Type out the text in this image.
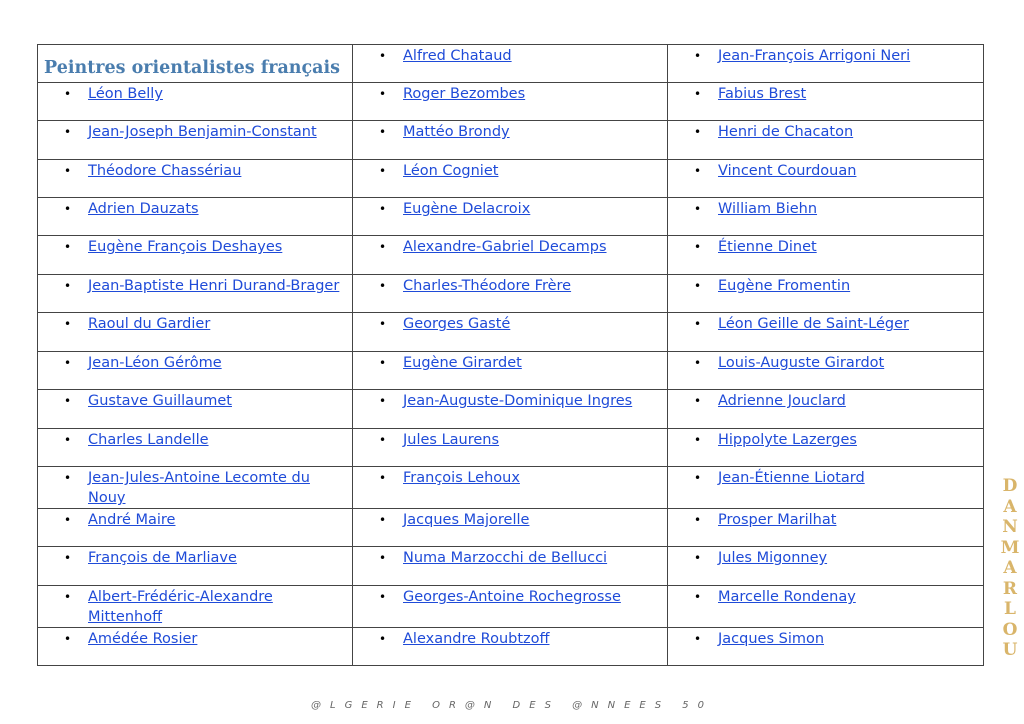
Peintres orientalistes français	• Alfred Chataud	• Jean-François Arrigoni Neri

• Léon Belly	• Roger Bezombes	• Fabius Brest

• Jean-Joseph Benjamin-Constant	• Mattéo Brondy	• Henri de Chacaton

• Théodore Chassériau	• Léon Cogniet	• Vincent Courdouan

• Adrien Dauzats	• Eugène Delacroix	• William Biehn

• Eugène François Deshayes	• Alexandre-Gabriel Decamps	• Étienne Dinet

• Jean-Baptiste Henri Durand-Brager	• Charles-Théodore Frère	• Eugène Fromentin

• Raoul du Gardier	• Georges Gasté	• Léon Geille de Saint-Léger

• Jean-Léon Gérôme	• Eugène Girardet	• Louis-Auguste Girardot

• Gustave Guillaumet	• Jean-Auguste-Dominique Ingres	• Adrienne Jouclard

• Charles Landelle	• Jules Laurens	• Hippolyte Lazerges

• Jean-Jules-Antoine Lecomte du Nouy	• François Lehoux	• Jean-Étienne Liotard

• André Maire	• Jacques Majorelle	• Prosper Marilhat

• François de Marliave	• Numa Marzocchi de Bellucci	• Jules Migonney

• Albert-Frédéric-Alexandre Mittenhoff	• Georges-Antoine Rochegrosse	• Marcelle Rondenay

• Amédée Rosier	• Alexandre Roubtzoff	• Jacques Simon
@LGERIE OR@N DES @NNEES 50
D
A
N
M
A
R
L
O
U
